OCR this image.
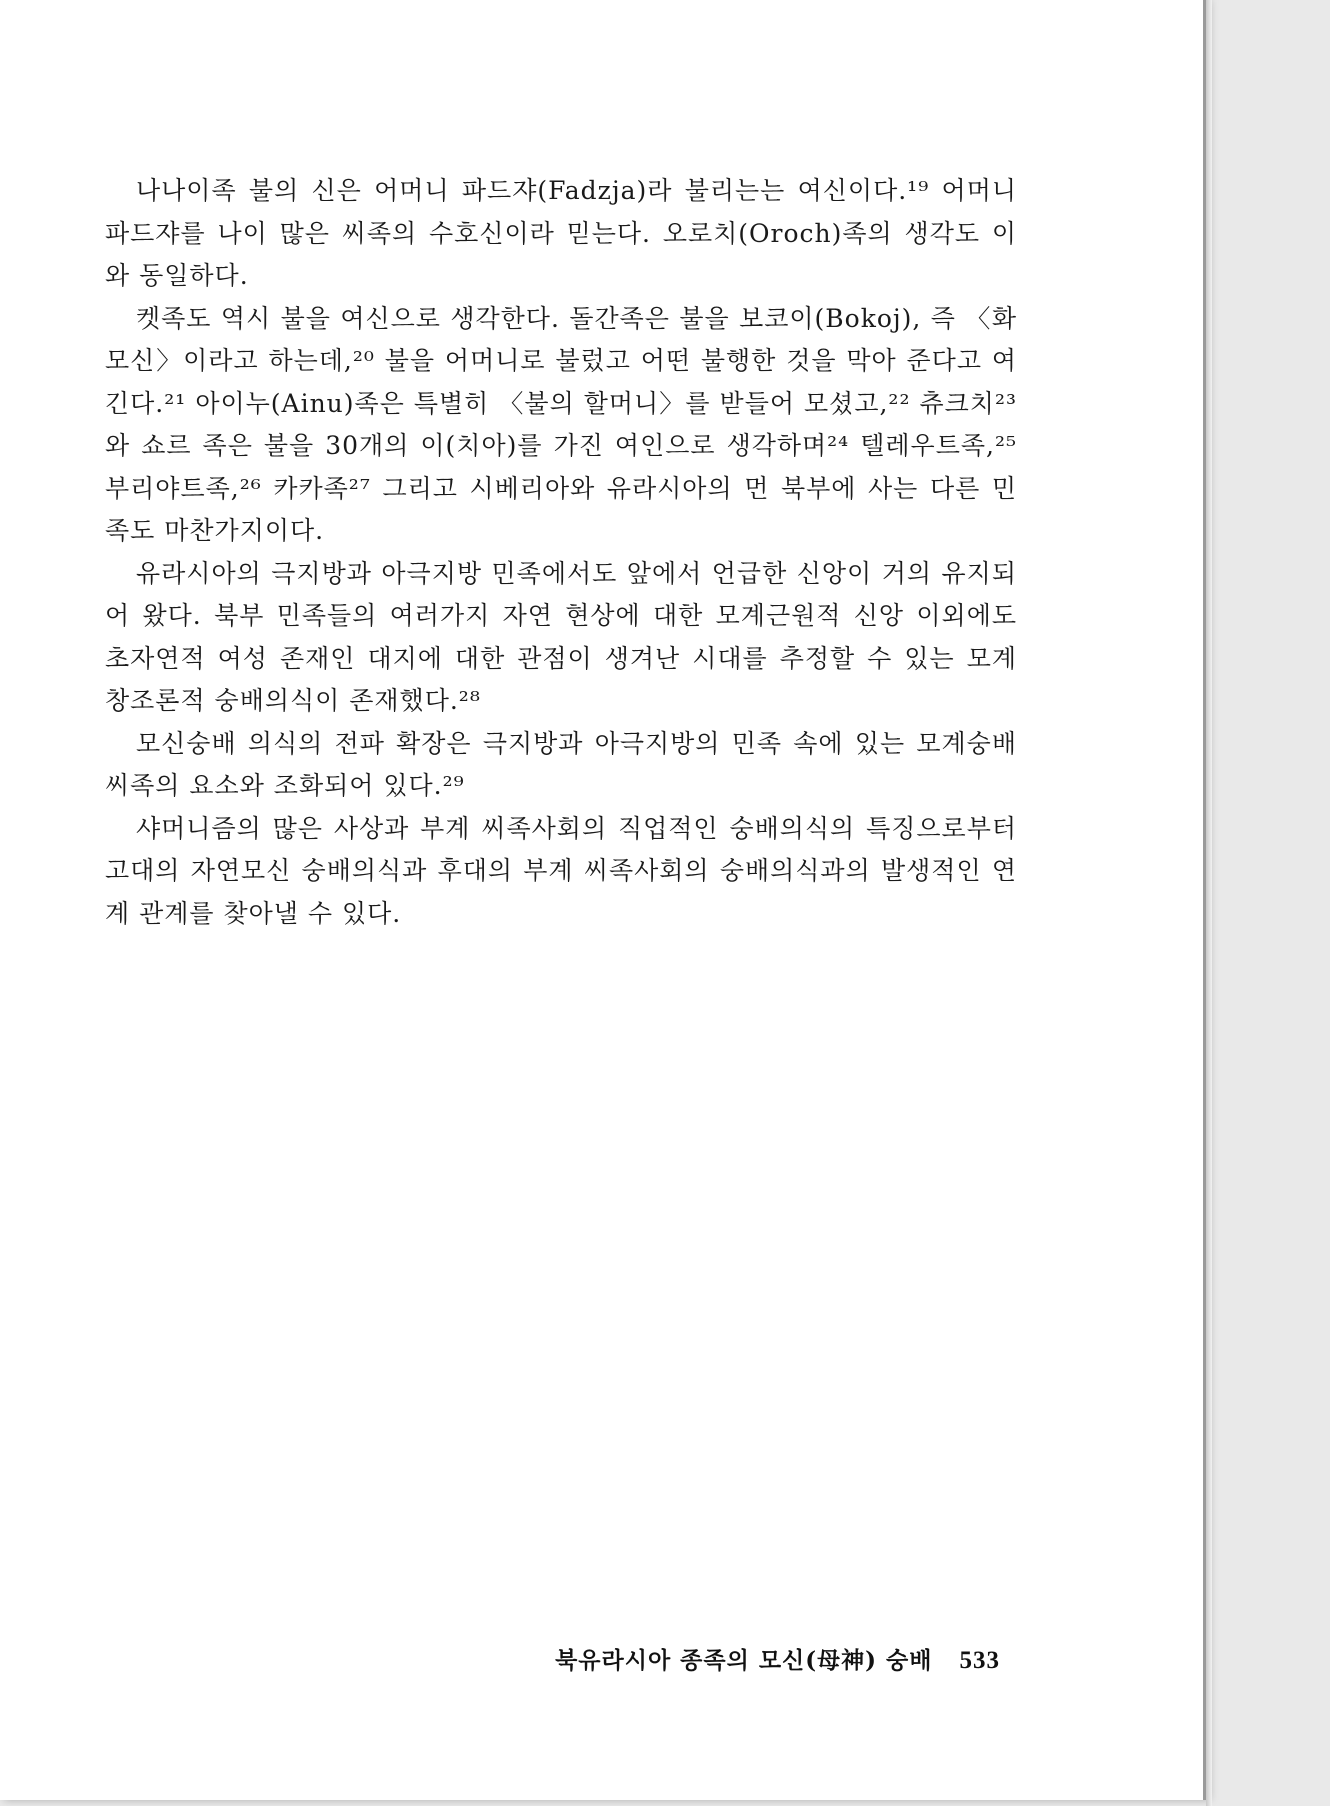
나나이족 불의 신은 어머니 파드쟈(Fadzja)라 불리는는 여신이다.¹⁹ 어머니 파드쟈를 나이 많은 씨족의 수호신이라 믿는다. 오로치(Oroch)족의 생각도 이와 동일하다.

켓족도 역시 불을 여신으로 생각한다. 돌간족은 불을 보코이(Bokoj), 즉 〈화모신〉이라고 하는데,²⁰ 불을 어머니로 불렀고 어떤 불행한 것을 막아 준다고 여긴다.²¹ 아이누(Ainu)족은 특별히 〈불의 할머니〉를 받들어 모셨고,²² 츄크치²³와 쇼르 족은 불을 30개의 이(치아)를 가진 여인으로 생각하며²⁴ 텔레우트족,²⁵ 부리야트족,²⁶ 카카족²⁷ 그리고 시베리아와 유라시아의 먼 북부에 사는 다른 민족도 마찬가지이다.

유라시아의 극지방과 아극지방 민족에서도 앞에서 언급한 신앙이 거의 유지되어 왔다. 북부 민족들의 여러가지 자연 현상에 대한 모계근원적 신앙 이외에도 초자연적 여성 존재인 대지에 대한 관점이 생겨난 시대를 추정할 수 있는 모계 창조론적 숭배의식이 존재했다.²⁸

모신숭배 의식의 전파 확장은 극지방과 아극지방의 민족 속에 있는 모계숭배 씨족의 요소와 조화되어 있다.²⁹

샤머니즘의 많은 사상과 부계 씨족사회의 직업적인 숭배의식의 특징으로부터 고대의 자연모신 숭배의식과 후대의 부계 씨족사회의 숭배의식과의 발생적인 연계 관계를 찾아낼 수 있다.

북유라시아 종족의 모신(母神) 숭배 533
